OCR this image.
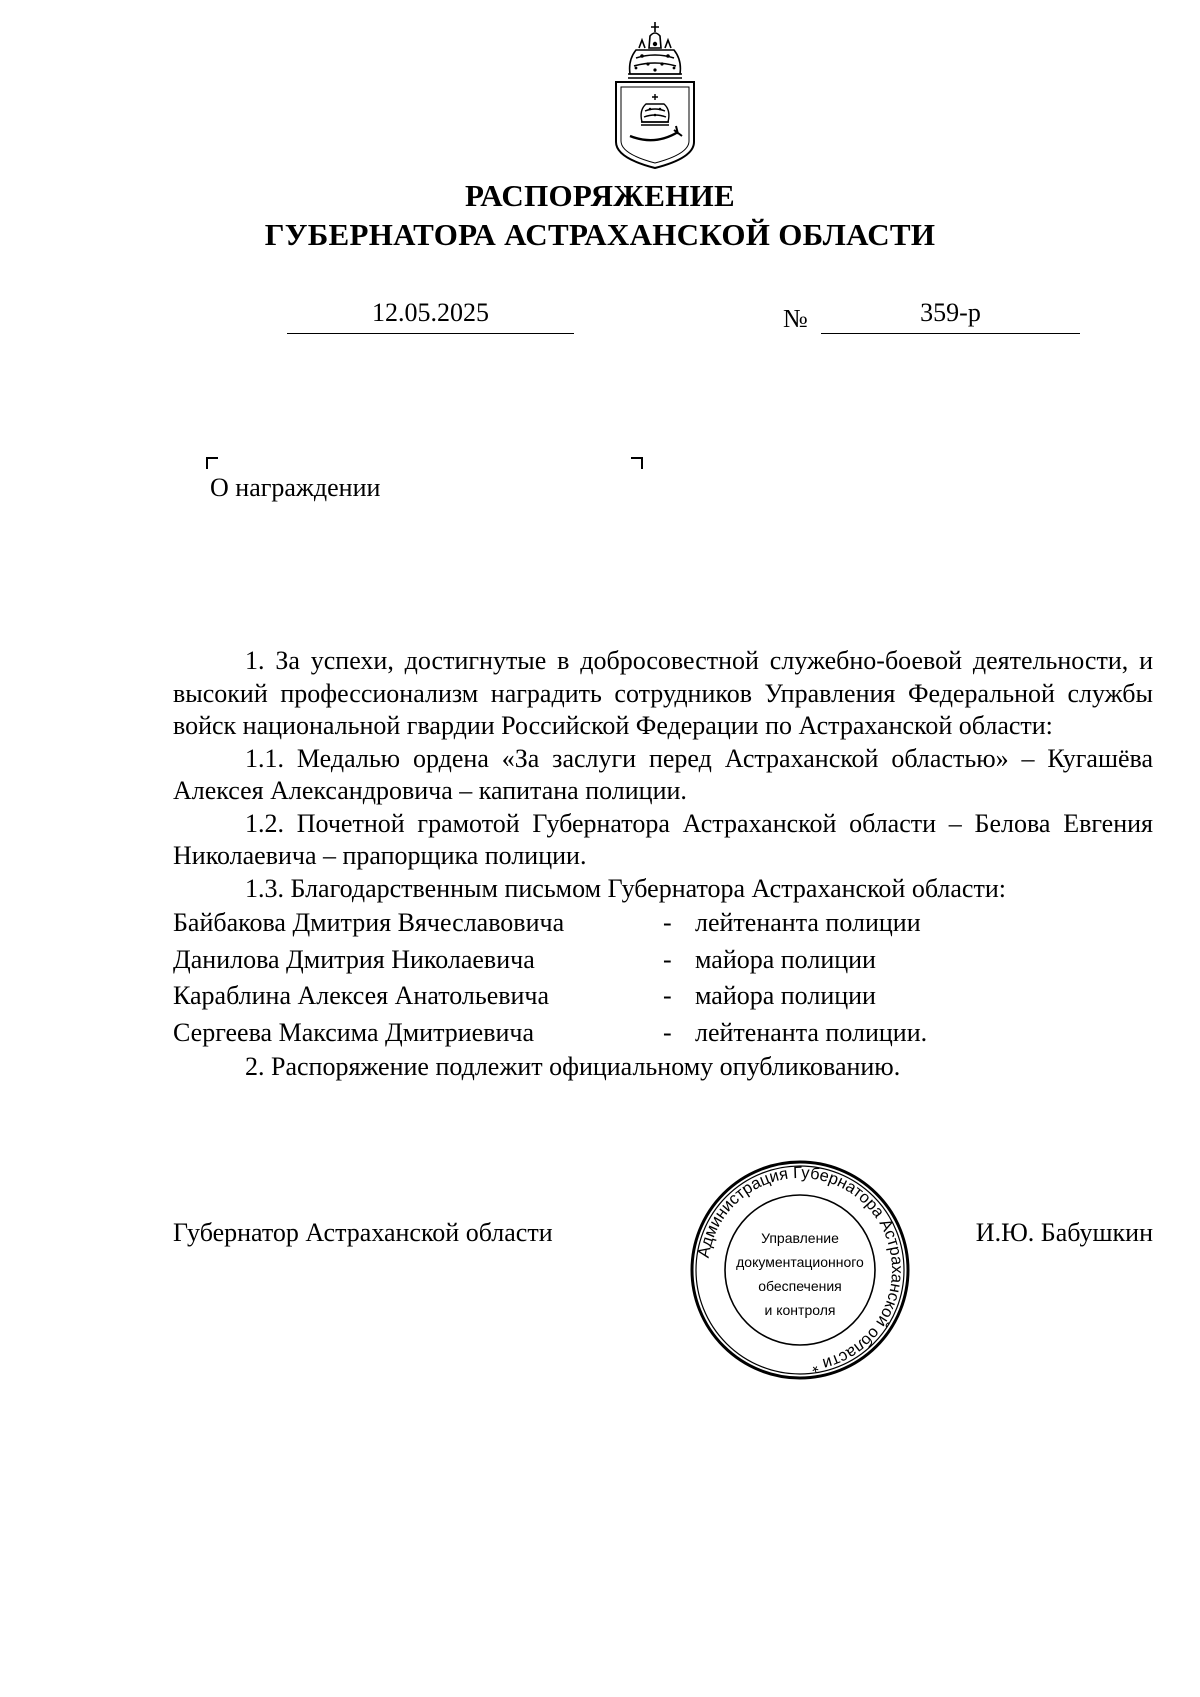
РАСПОРЯЖЕНИЕ
ГУБЕРНАТОРА АСТРАХАНСКОЙ ОБЛАСТИ
12.05.2025	№	359-р
О награждении

1. За успехи, достигнутые в добросовестной служебно-боевой деятельности, и высокий профессионализм наградить сотрудников Управления Федеральной службы войск национальной гвардии Российской Федерации по Астраханской области:

1.1. Медалью ордена «За заслуги перед Астраханской областью» – Кугашёва Алексея Александровича – капитана полиции.

1.2. Почетной грамотой Губернатора Астраханской области – Белова Евгения Николаевича – прапорщика полиции.

1.3. Благодарственным письмом Губернатора Астраханской области:

Байбакова Дмитрия Вячеславовича	- лейтенанта полиции
Данилова Дмитрия Николаевича	- майора полиции
Караблина Алексея Анатольевича	- майора полиции
Сергеева Максима Дмитриевича	- лейтенанта полиции.

2. Распоряжение подлежит официальному опубликованию.

Губернатор Астраханской области	И.Ю. Бабушкин
Администрация Губернатора Астраханской области *
Управление
документационного
обеспечения
и контроля
